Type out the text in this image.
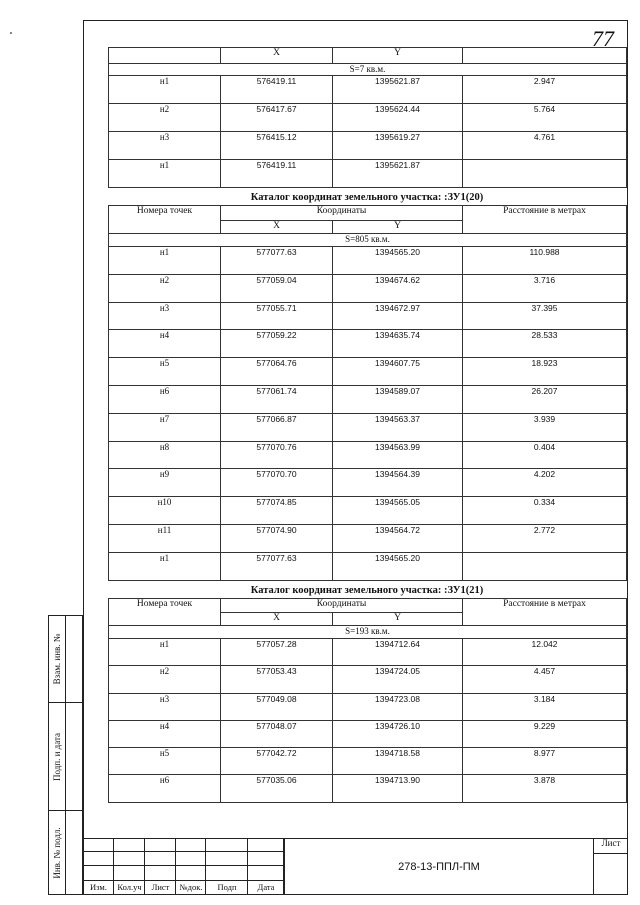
77
	X	Y	
S=7 кв.м.			
н1	576419.11	1395621.87	2.947
н2	576417.67	1395624.44	5.764
н3	576415.12	1395619.27	4.761
н1	576419.11	1395621.87	
Каталог координат земельного участка: :ЗУ1(20)
Номера точек	Координаты		Расстояние в метрах
	X	Y	
S=805 кв.м.			
н1	577077.63	1394565.20	110.988
н2	577059.04	1394674.62	3.716
н3	577055.71	1394672.97	37.395
н4	577059.22	1394635.74	28.533
н5	577064.76	1394607.75	18.923
н6	577061.74	1394589.07	26.207
н7	577066.87	1394563.37	3.939
н8	577070.76	1394563.99	0.404
н9	577070.70	1394564.39	4.202
н10	577074.85	1394565.05	0.334
н11	577074.90	1394564.72	2.772
н1	577077.63	1394565.20	
Каталог координат земельного участка: :ЗУ1(21)
Номера точек	Координаты		Расстояние в метрах
	X	Y	
S=193 кв.м.			
н1	577057.28	1394712.64	12.042
н2	577053.43	1394724.05	4.457
н3	577049.08	1394723.08	3.184
н4	577048.07	1394726.10	9.229
н5	577042.72	1394718.58	8.977
н6	577035.06	1394713.90	3.878
Взам. инв. №
Подп. и дата
Инв. № подл.
Изм.	Кол.уч	Лист	№док.	Подп	Дата
278-13-ППЛ-ПМ
Лист
